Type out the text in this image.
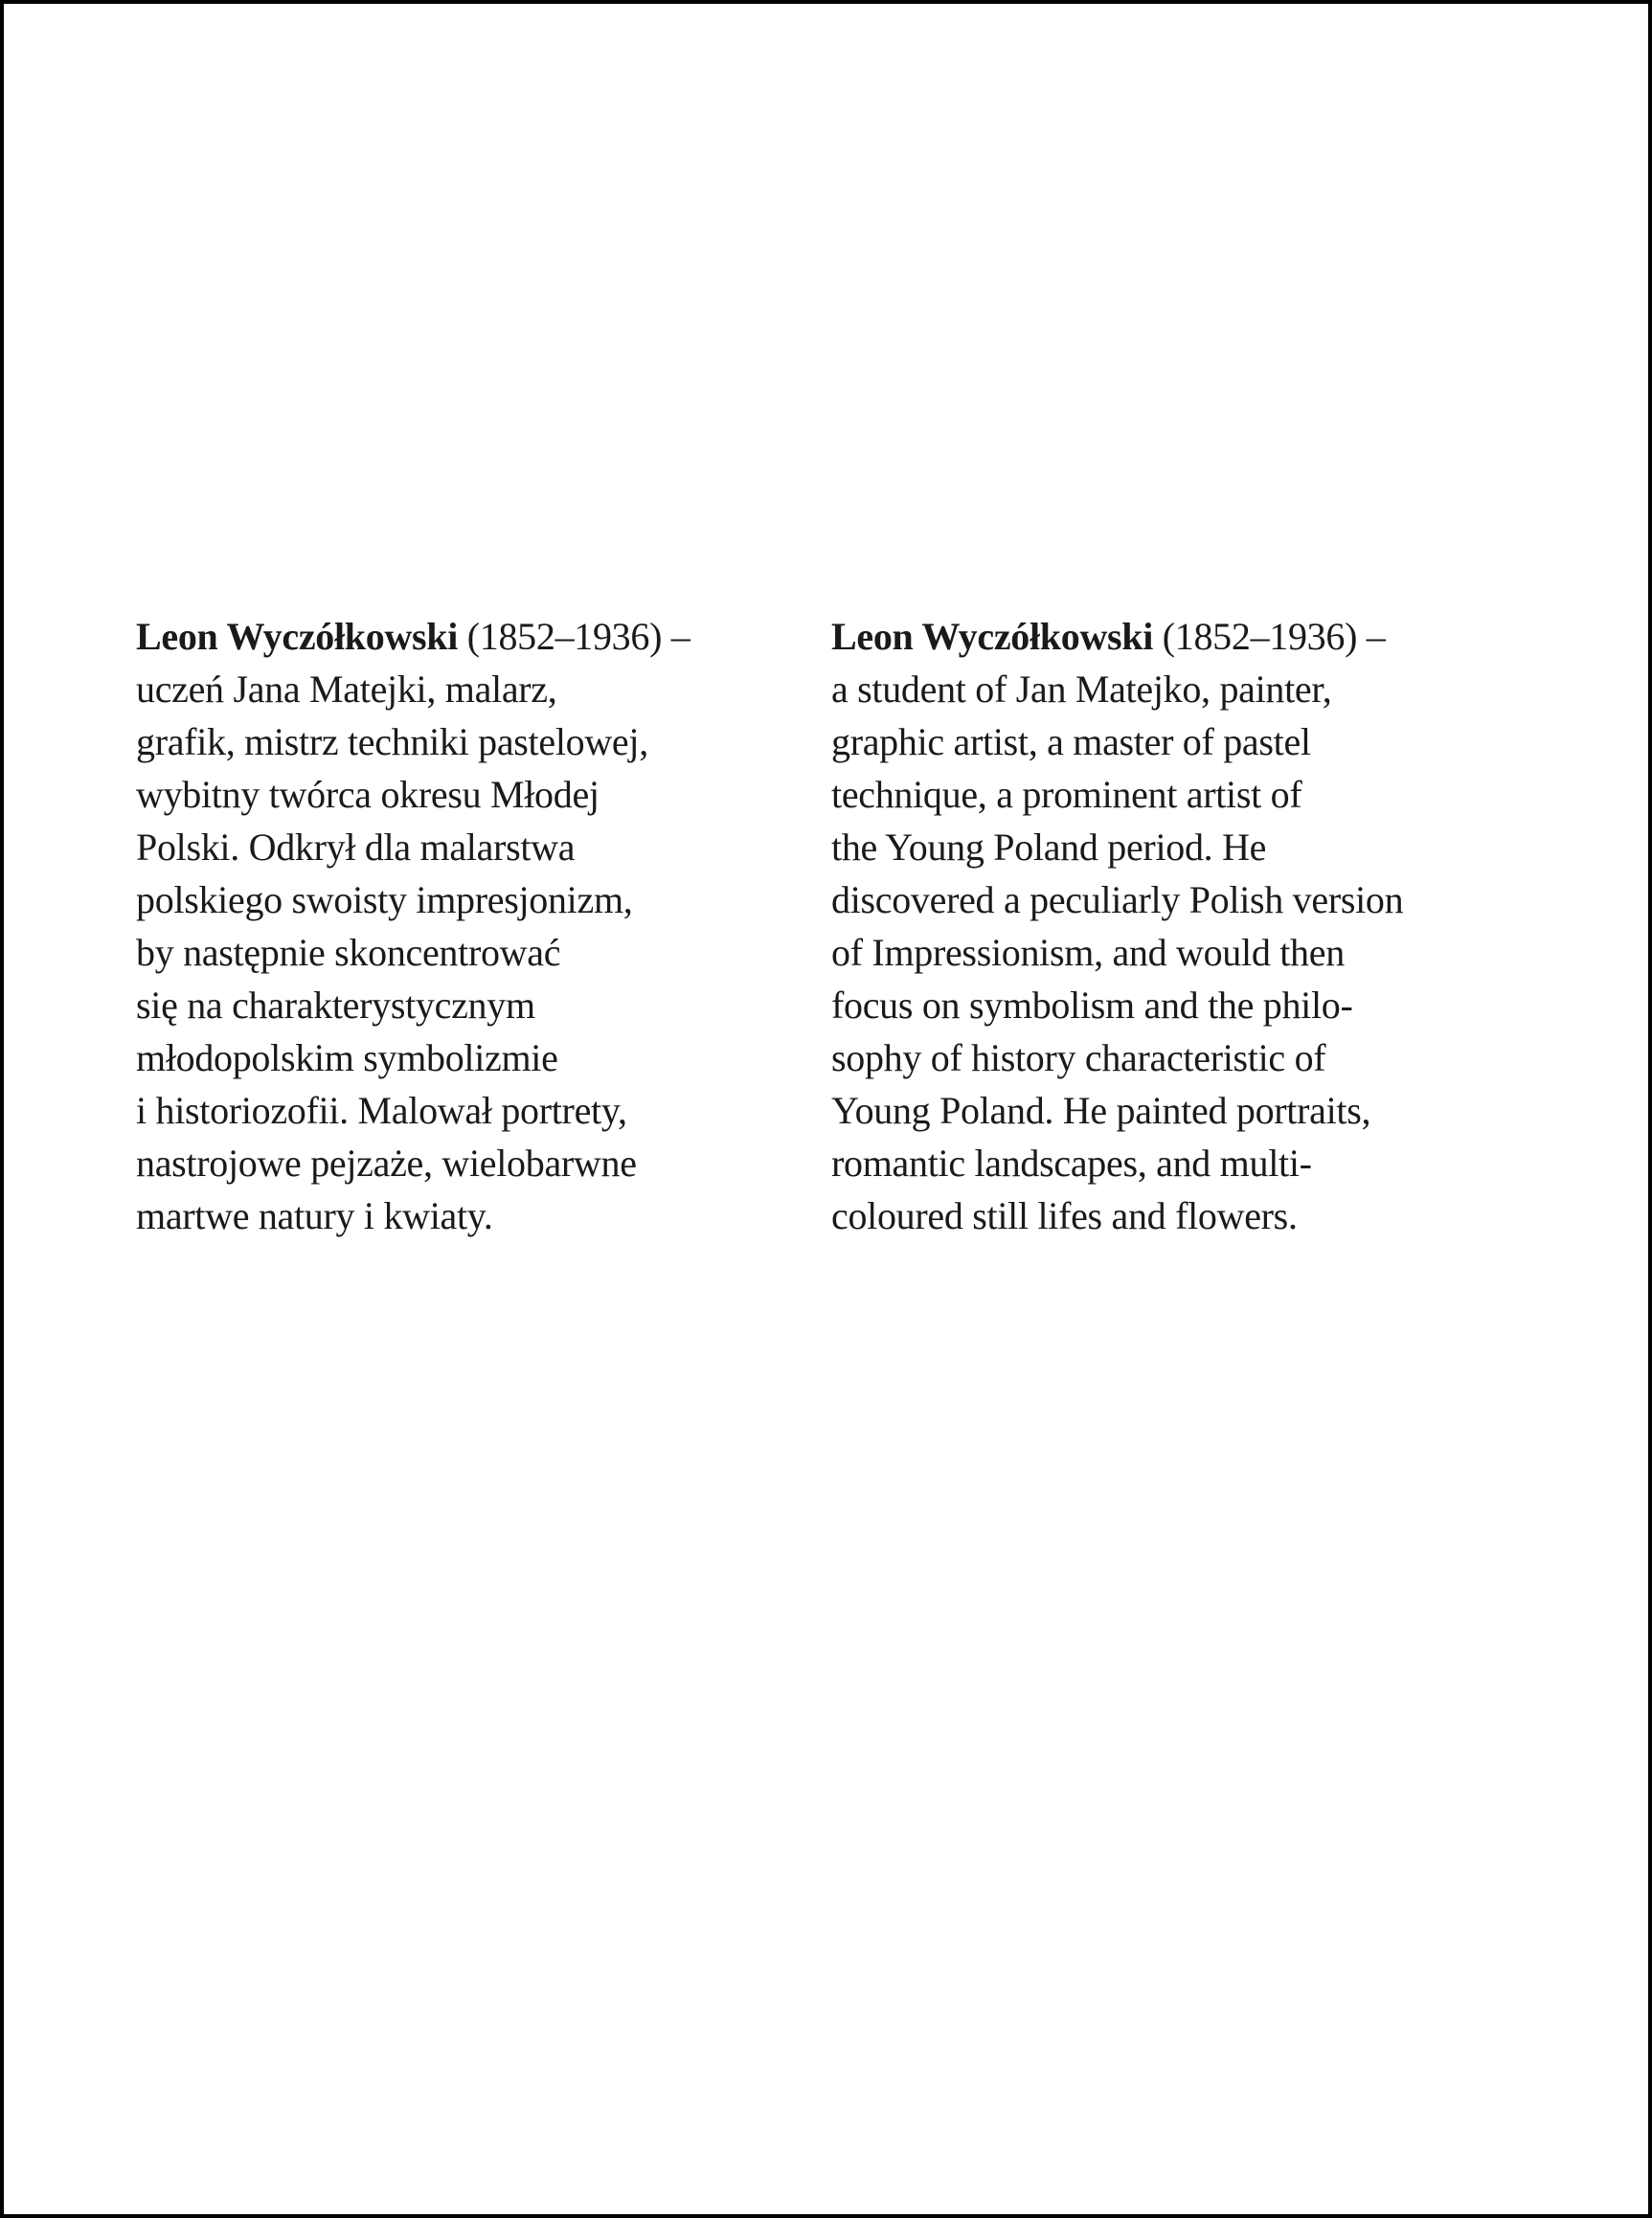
Leon Wyczółkowski (1852–1936) –
uczeń Jana Matejki, malarz,
grafik, mistrz techniki pastelowej,
wybitny twórca okresu Młodej
Polski. Odkrył dla malarstwa
polskiego swoisty impresjonizm,
by następnie skoncentrować
się na charakterystycznym
młodopolskim symbolizmie
i historiozofii. Malował portrety,
nastrojowe pejzaże, wielobarwne
martwe natury i kwiaty.
Leon Wyczółkowski (1852–1936) –
a student of Jan Matejko, painter,
graphic artist, a master of pastel
technique, a prominent artist of
the Young Poland period. He
discovered a peculiarly Polish version
of Impressionism, and would then
focus on symbolism and the philo-
sophy of history characteristic of
Young Poland. He painted portraits,
romantic landscapes, and multi-
coloured still lifes and flowers.
